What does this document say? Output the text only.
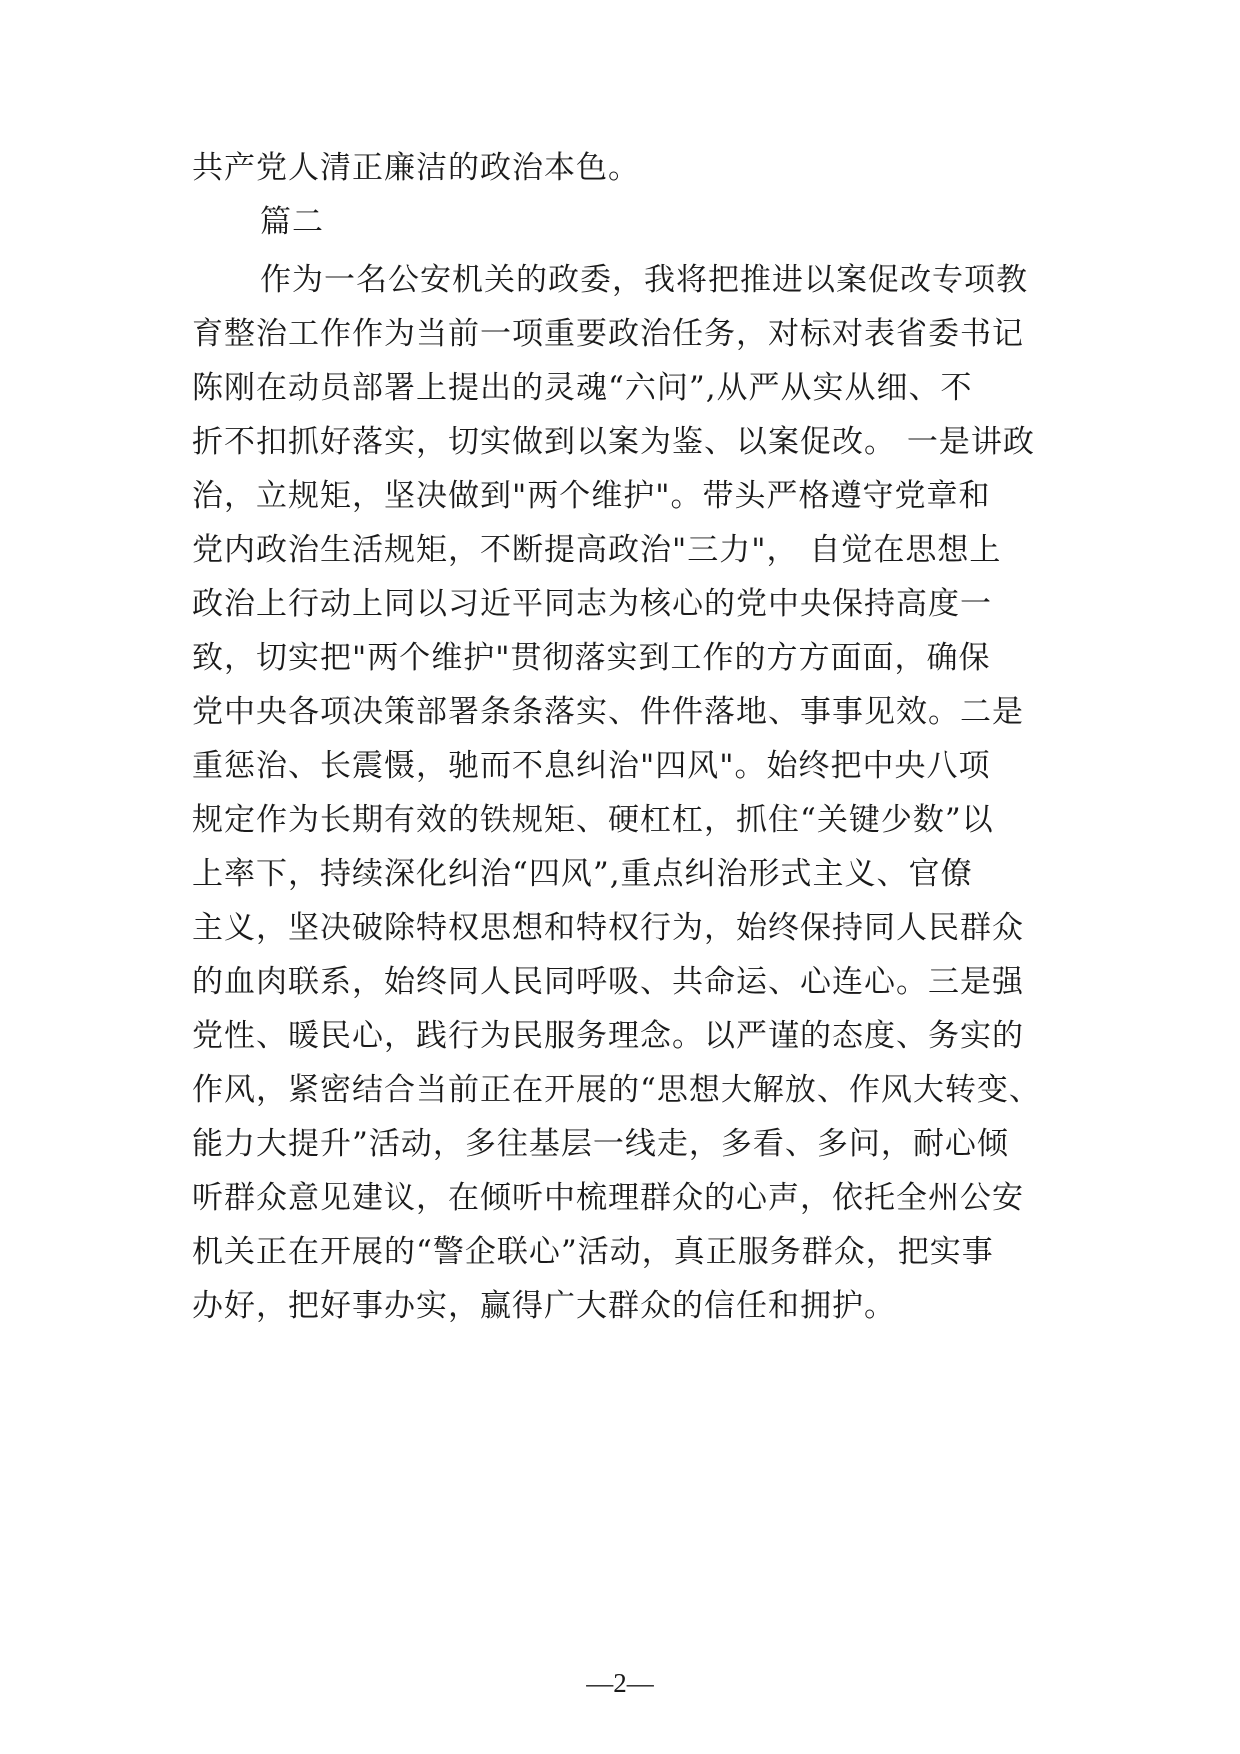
共产党人清正廉洁的政治本色。
篇二
作为一名公安机关的政委，我将把推进以案促改专项教
育整治工作作为当前一项重要政治任务，对标对表省委书记
陈刚在动员部署上提出的灵魂“六问”,从严从实从细、不
折不扣抓好落实，切实做到以案为鉴、以案促改。 一是讲政
治，立规矩，坚决做到"两个维护"。带头严格遵守党章和
党内政治生活规矩，不断提高政治"三力"， 自觉在思想上
政治上行动上同以习近平同志为核心的党中央保持高度一
致，切实把"两个维护"贯彻落实到工作的方方面面，确保
党中央各项决策部署条条落实、件件落地、事事见效。二是
重惩治、长震慑，驰而不息纠治"四风"。始终把中央八项
规定作为长期有效的铁规矩、硬杠杠，抓住“关键少数”以
上率下，持续深化纠治“四风”,重点纠治形式主义、官僚
主义，坚决破除特权思想和特权行为，始终保持同人民群众
的血肉联系，始终同人民同呼吸、共命运、心连心。三是强
党性、暖民心，践行为民服务理念。以严谨的态度、务实的
作风，紧密结合当前正在开展的“思想大解放、作风大转变、
能力大提升”活动，多往基层一线走，多看、多问，耐心倾
听群众意见建议，在倾听中梳理群众的心声，依托全州公安
机关正在开展的“警企联心”活动，真正服务群众，把实事
办好，把好事办实，赢得广大群众的信任和拥护。
—2—
